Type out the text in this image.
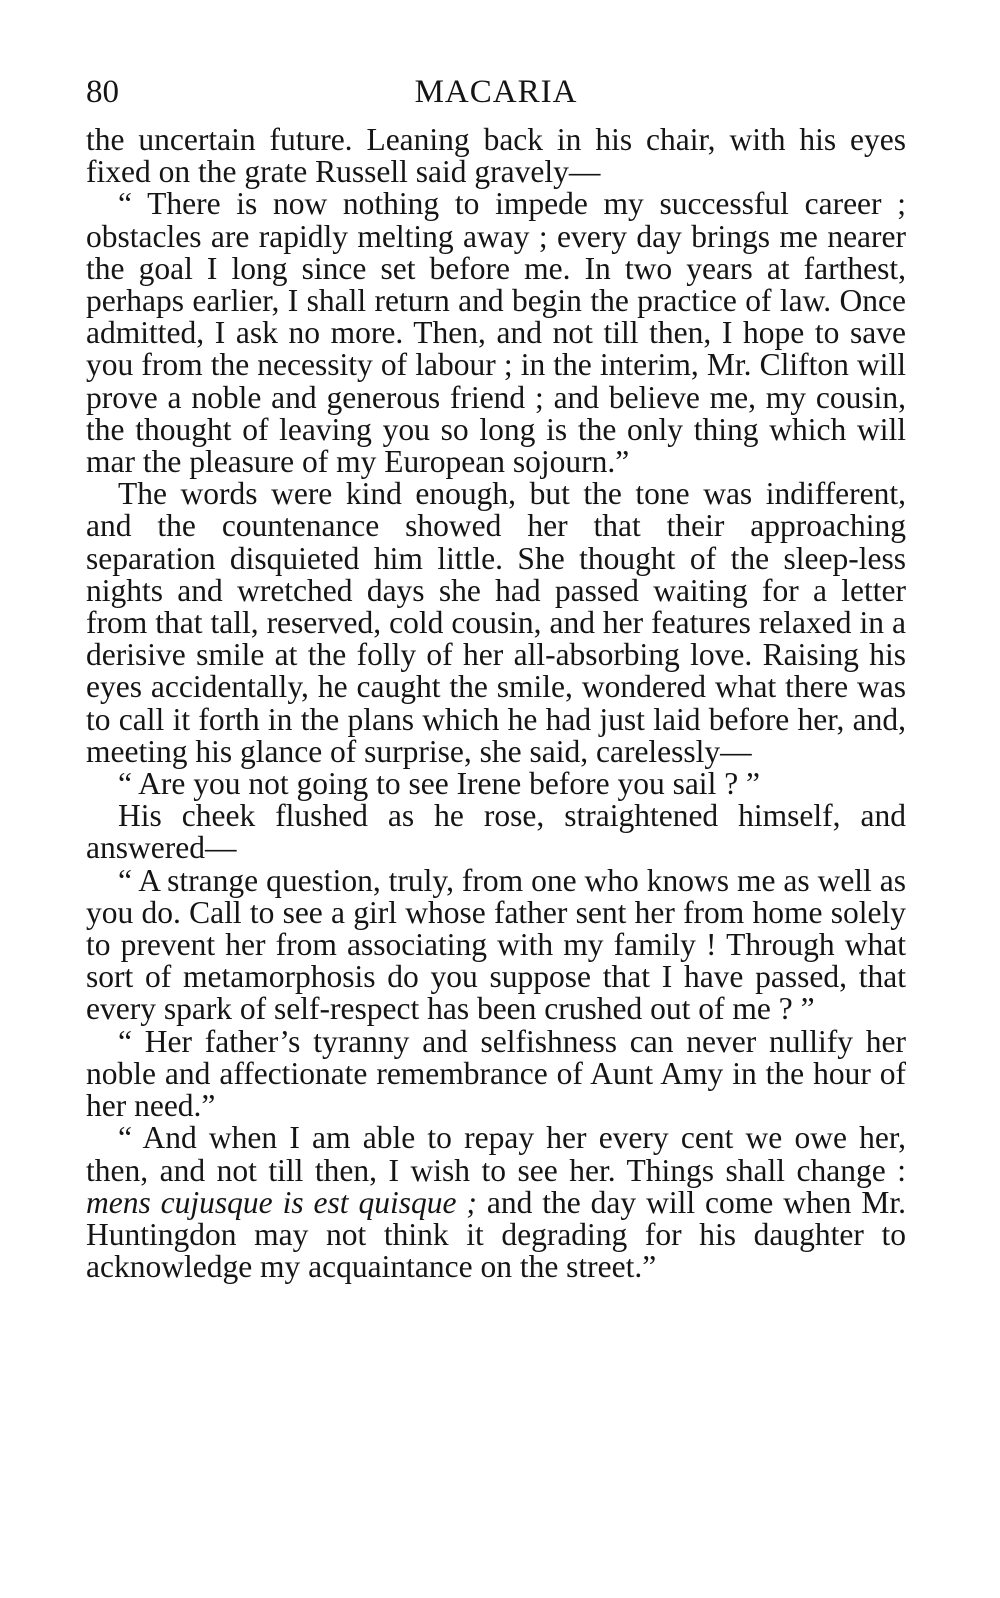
80	MACARIA

the uncertain future. Leaning back in his chair, with his eyes fixed on the grate Russell said gravely—

“ There is now nothing to impede my successful career ; obstacles are rapidly melting away ; every day brings me nearer the goal I long since set before me. In two years at farthest, perhaps earlier, I shall return and begin the practice of law. Once admitted, I ask no more. Then, and not till then, I hope to save you from the necessity of labour ; in the interim, Mr. Clifton will prove a noble and generous friend ; and believe me, my cousin, the thought of leaving you so long is the only thing which will mar the pleasure of my European sojourn.”

The words were kind enough, but the tone was indifferent, and the countenance showed her that their approaching separation disquieted him little. She thought of the sleep-less nights and wretched days she had passed waiting for a letter from that tall, reserved, cold cousin, and her features relaxed in a derisive smile at the folly of her all-absorbing love. Raising his eyes accidentally, he caught the smile, wondered what there was to call it forth in the plans which he had just laid before her, and, meeting his glance of surprise, she said, carelessly—

“ Are you not going to see Irene before you sail ? ”

His cheek flushed as he rose, straightened himself, and answered—

“ A strange question, truly, from one who knows me as well as you do. Call to see a girl whose father sent her from home solely to prevent her from associating with my family ! Through what sort of metamorphosis do you suppose that I have passed, that every spark of self-respect has been crushed out of me ? ”

“ Her father’s tyranny and selfishness can never nullify her noble and affectionate remembrance of Aunt Amy in the hour of her need.”

“ And when I am able to repay her every cent we owe her, then, and not till then, I wish to see her. Things shall change : mens cujusque is est quisque ; and the day will come when Mr. Huntingdon may not think it degrading for his daughter to acknowledge my acquaintance on the street.”
